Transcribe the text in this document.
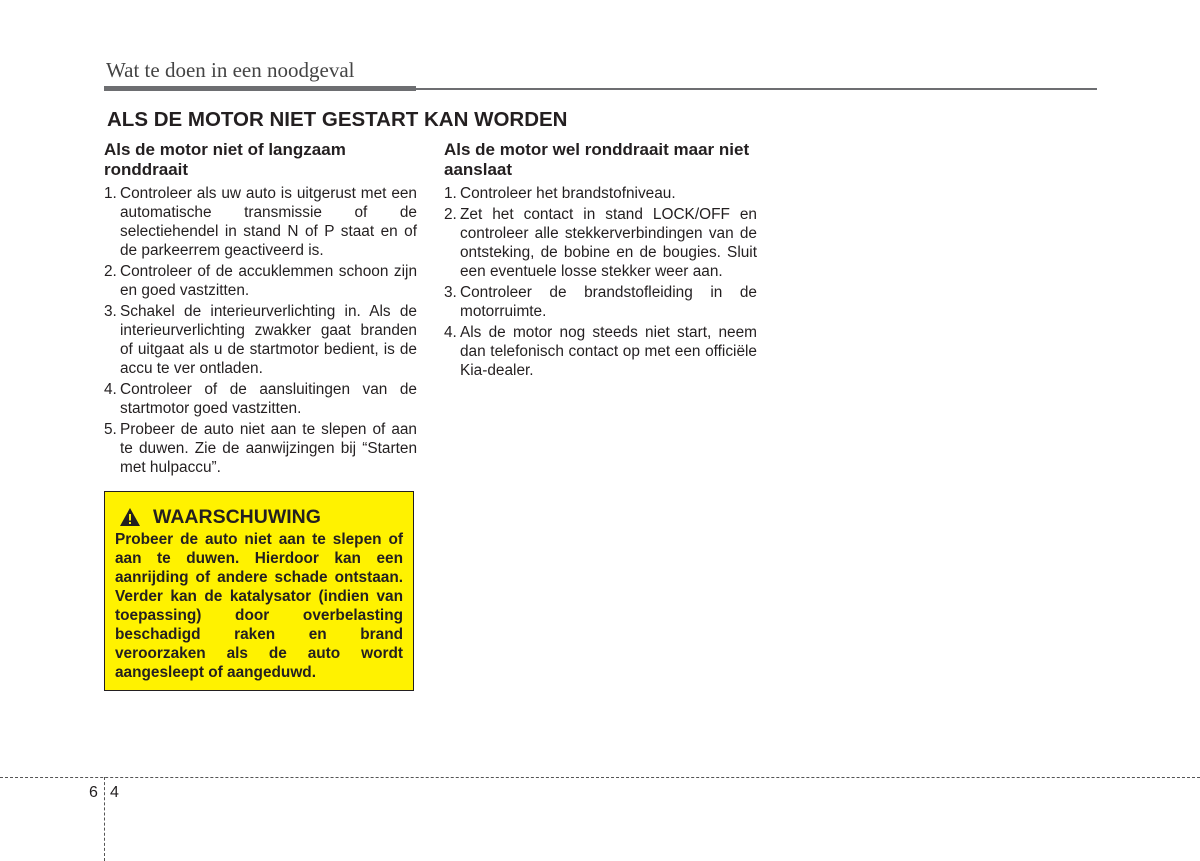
Wat te doen in een noodgeval
ALS DE MOTOR NIET GESTART KAN WORDEN
Als de motor niet of langzaam ronddraait
1. Controleer als uw auto is uitgerust met een automatische transmissie of de selectiehendel in stand N of P staat en of de parkeerrem geactiveerd is.
2. Controleer of de accuklemmen schoon zijn en goed vastzitten.
3. Schakel de interieurverlichting in. Als de interieurverlichting zwakker gaat branden of uitgaat als u de startmotor bedient, is de accu te ver ontladen.
4. Controleer of de aansluitingen van de startmotor goed vastzitten.
5. Probeer de auto niet aan te slepen of aan te duwen. Zie de aanwijzingen bij “Starten met hulpaccu”.
WAARSCHUWING
Probeer de auto niet aan te slepen of aan te duwen. Hierdoor kan een aanrijding of andere schade ontstaan. Verder kan de katalysator (indien van toepassing) door overbelasting beschadigd raken en brand veroorzaken als de auto wordt aangesleept of aangeduwd.
Als de motor wel ronddraait maar niet aanslaat
1. Controleer het brandstofniveau.
2. Zet het contact in stand LOCK/OFF en controleer alle stekkerverbindingen van de ontsteking, de bobine en de bougies. Sluit een eventuele losse stekker weer aan.
3. Controleer de brandstofleiding in de motorruimte.
4. Als de motor nog steeds niet start, neem dan telefonisch contact op met een officiële Kia-dealer.
6 4
